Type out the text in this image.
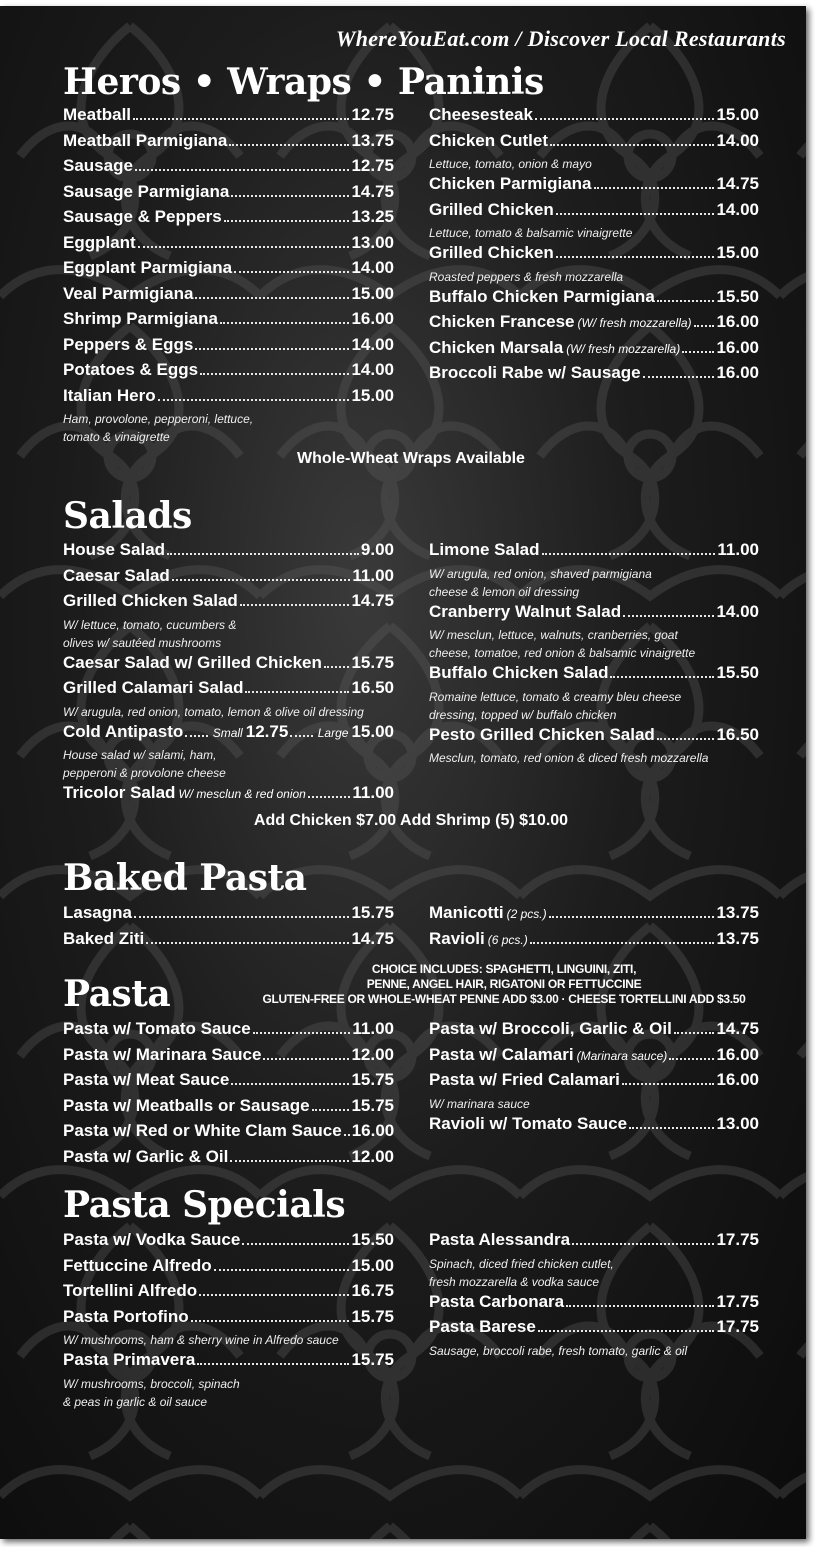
WhereYouEat.com / Discover Local Restaurants
Heros • Wraps • Paninis
Meatball	12.75
Meatball Parmigiana	13.75
Sausage	12.75
Sausage Parmigiana	14.75
Sausage & Peppers	13.25
Eggplant	13.00
Eggplant Parmigiana	14.00
Veal Parmigiana	15.00
Shrimp Parmigiana	16.00
Peppers & Eggs	14.00
Potatoes & Eggs	14.00
Italian Hero	15.00
Ham, provolone, pepperoni, lettuce,
tomato & vinaigrette
Cheesesteak	15.00
Chicken Cutlet	14.00
Lettuce, tomato, onion & mayo
Chicken Parmigiana	14.75
Grilled Chicken	14.00
Lettuce, tomato & balsamic vinaigrette
Grilled Chicken	15.00
Roasted peppers & fresh mozzarella
Buffalo Chicken Parmigiana	15.50
Chicken Francese (W/ fresh mozzarella) 16.00
Chicken Marsala (W/ fresh mozzarella) 16.00
Broccoli Rabe w/ Sausage	16.00
Whole-Wheat Wraps Available
Salads
House Salad	9.00
Caesar Salad	11.00
Grilled Chicken Salad	14.75
W/ lettuce, tomato, cucumbers &
olives w/ sautéed mushrooms
Caesar Salad w/ Grilled Chicken 15.75
Grilled Calamari Salad	16.50
W/ arugula, red onion, tomato, lemon & olive oil dressing
Cold Antipasto Small 12.75 Large 15.00
House salad w/ salami, ham,
pepperoni & provolone cheese
Tricolor Salad W/ mesclun & red onion	11.00
Limone Salad	11.00
W/ arugula, red onion, shaved parmigiana
cheese & lemon oil dressing
Cranberry Walnut Salad	14.00
W/ mesclun, lettuce, walnuts, cranberries, goat
cheese, tomatoe, red onion & balsamic vinaigrette
Buffalo Chicken Salad	15.50
Romaine lettuce, tomato & creamy bleu cheese
dressing, topped w/ buffalo chicken
Pesto Grilled Chicken Salad	16.50
Mesclun, tomato, red onion & diced fresh mozzarella
Add Chicken $7.00 Add Shrimp (5) $10.00
Baked Pasta
Lasagna	15.75
Baked Ziti	14.75
Manicotti (2 pcs.)	13.75
Ravioli (6 pcs.)	13.75
Pasta
CHOICE INCLUDES: SPAGHETTI, LINGUINI, ZITI,
PENNE, ANGEL HAIR, RIGATONI OR FETTUCCINE
GLUTEN-FREE OR WHOLE-WHEAT PENNE ADD $3.00 · CHEESE TORTELLINI ADD $3.50
Pasta w/ Tomato Sauce	11.00
Pasta w/ Marinara Sauce	12.00
Pasta w/ Meat Sauce	15.75
Pasta w/ Meatballs or Sausage 15.75
Pasta w/ Red or White Clam Sauce 16.00
Pasta w/ Garlic & Oil	12.00
Pasta w/ Broccoli, Garlic & Oil	14.75
Pasta w/ Calamari (Marinara sauce)	16.00
Pasta w/ Fried Calamari	16.00
W/ marinara sauce
Ravioli w/ Tomato Sauce	13.00
Pasta Specials
Pasta w/ Vodka Sauce	15.50
Fettuccine Alfredo	15.00
Tortellini Alfredo	16.75
Pasta Portofino	15.75
W/ mushrooms, ham & sherry wine in Alfredo sauce
Pasta Primavera	15.75
W/ mushrooms, broccoli, spinach
& peas in garlic & oil sauce
Pasta Alessandra	17.75
Spinach, diced fried chicken cutlet,
fresh mozzarella & vodka sauce
Pasta Carbonara	17.75
Pasta Barese	17.75
Sausage, broccoli rabe, fresh tomato, garlic & oil
